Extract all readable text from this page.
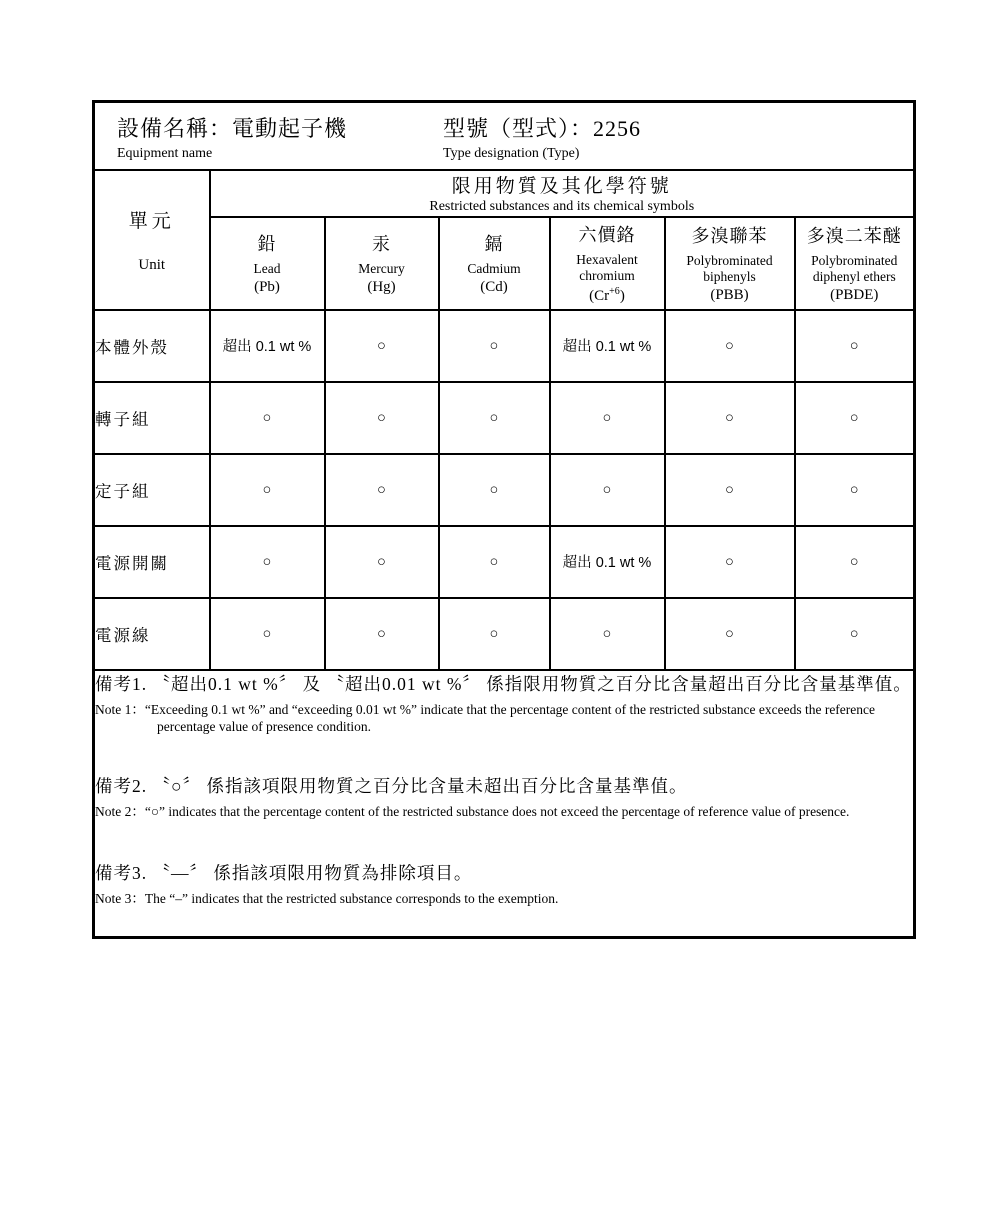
設備名稱：電動起子機
Equipment name
型號（型式）：2256
Type designation (Type)						

單元
Unit

限用物質及其化學符號
Restricted substances and its chemical symbols

鉛
Lead
(Pb)

汞
Mercury
(Hg)

鎘
Cadmium
(Cd)

六價鉻
Hexavalent chromium
$(Cr^{+6})$

多溴聯苯
Polybrominated biphenyls
(PBB)

多溴二苯醚
Polybrominated diphenyl ethers
(PBDE)

本體外殼	超出 0.1 wt %	○	○	超出 0.1 wt %	○	○
轉子組	○	○	○	○	○	○
定子組	○	○	○	○	○	○
電源開關	○	○	○	超出 0.1 wt %	○	○
電源線	○	○	○	○	○	○

備考1. 〝超出0.1 wt %〞 及 〝超出0.01 wt %〞 係指限用物質之百分比含量超出百分比含量基準值。
Note 1：“Exceeding 0.1 wt %” and “exceeding 0.01 wt %” indicate that the percentage content of the restricted substance exceeds the reference
percentage value of presence condition.
備考2. 〝○〞 係指該項限用物質之百分比含量未超出百分比含量基準值。
Note 2：“○” indicates that the percentage content of the restricted substance does not exceed the percentage of reference value of presence.
備考3. 〝—〞 係指該項限用物質為排除項目。
Note 3：The “–” indicates that the restricted substance corresponds to the exemption.
